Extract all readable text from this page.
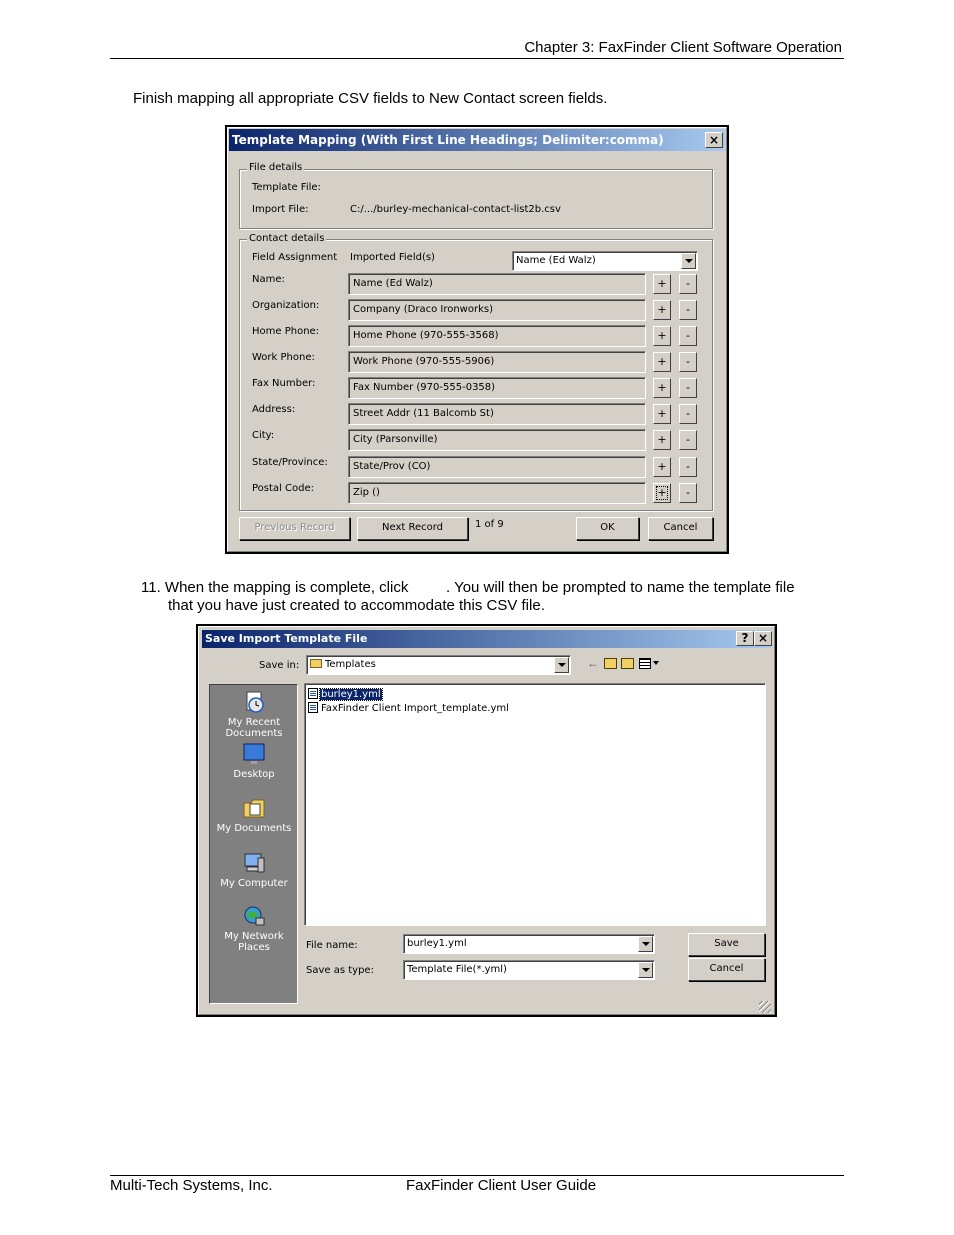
Chapter 3: FaxFinder Client Software Operation
Finish mapping all appropriate CSV fields to New Contact screen fields.
Template Mapping (With First Line Headings; Delimiter:comma)	×
File details
Template File:
Import File:	C:/.../burley-mechanical-contact-list2b.csv
Contact details
Field Assignment Imported Field(s)	Name (Ed Walz)
Name:	Name (Ed Walz)	+	-
Organization:	Company (Draco Ironworks)	+	-
Home Phone:	Home Phone (970-555-3568)	+	-
Work Phone:	Work Phone (970-555-5906)	+	-
Fax Number:	Fax Number (970-555-0358)	+	-
Address:	Street Addr (11 Balcomb St)	+	-
City:	City (Parsonville)	+	-
State/Province:	State/Prov (CO)	+	-
Postal Code:	Zip ()	+	-
Previous Record	Next Record	1 of 9	OK	Cancel
11. When the mapping is complete, click	. You will then be prompted to name the template file
that you have just created to accommodate this CSV file.
Save Import Template File	? ×
Save in:	Templates	←
My Recent
Documents
Desktop
My Documents
My Computer
My Network
Places
burley1.yml
FaxFinder Client Import_template.yml
File name:	burley1.yml
Save as type:	Template File(*.yml)
Save
Cancel
Multi-Tech Systems, Inc.	FaxFinder Client User Guide
